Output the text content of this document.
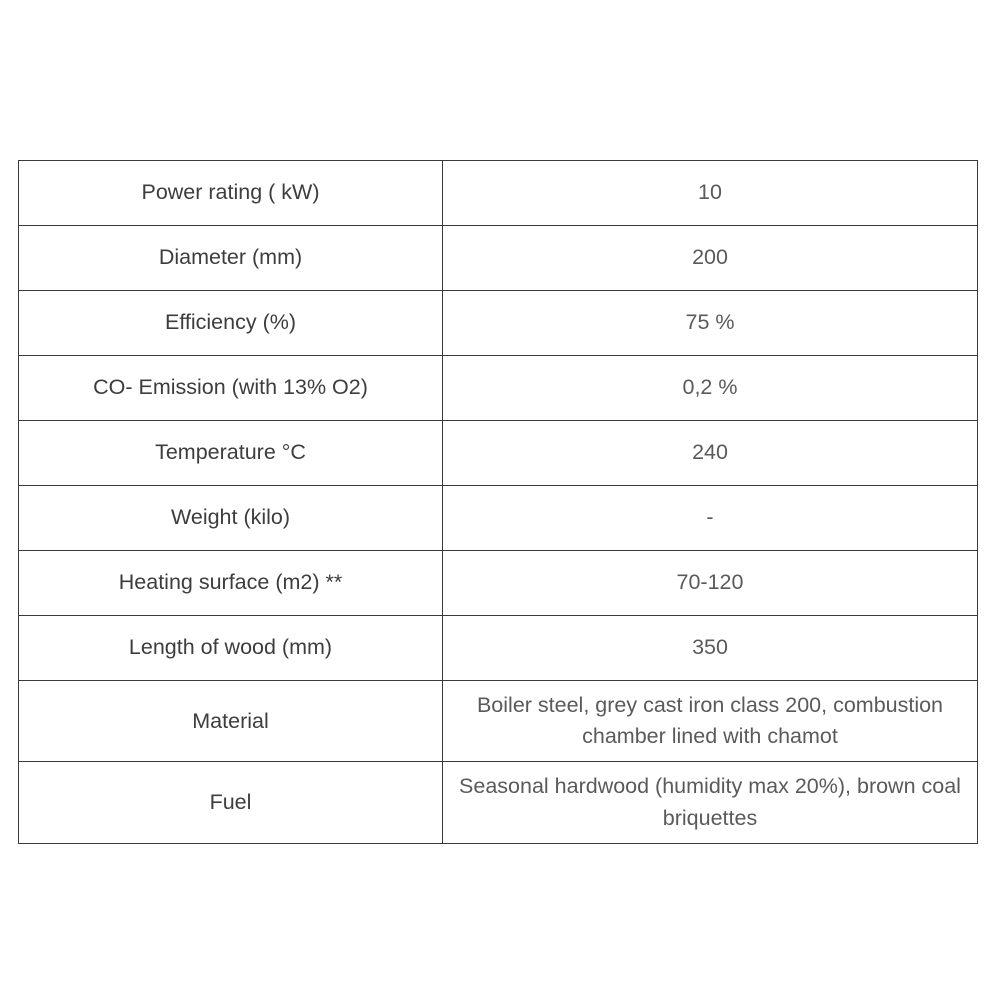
Power rating ( kW)	10
Diameter (mm)	200
Efficiency (%)	75 %
CO- Emission (with 13% O2)	0,2 %
Temperature °C	240
Weight (kilo)	-
Heating surface (m2) **	70-120
Length of wood (mm)	350
Material	Boiler steel, grey cast iron class 200, combustion chamber lined with chamot
Fuel	Seasonal hardwood (humidity max 20%), brown coal briquettes
